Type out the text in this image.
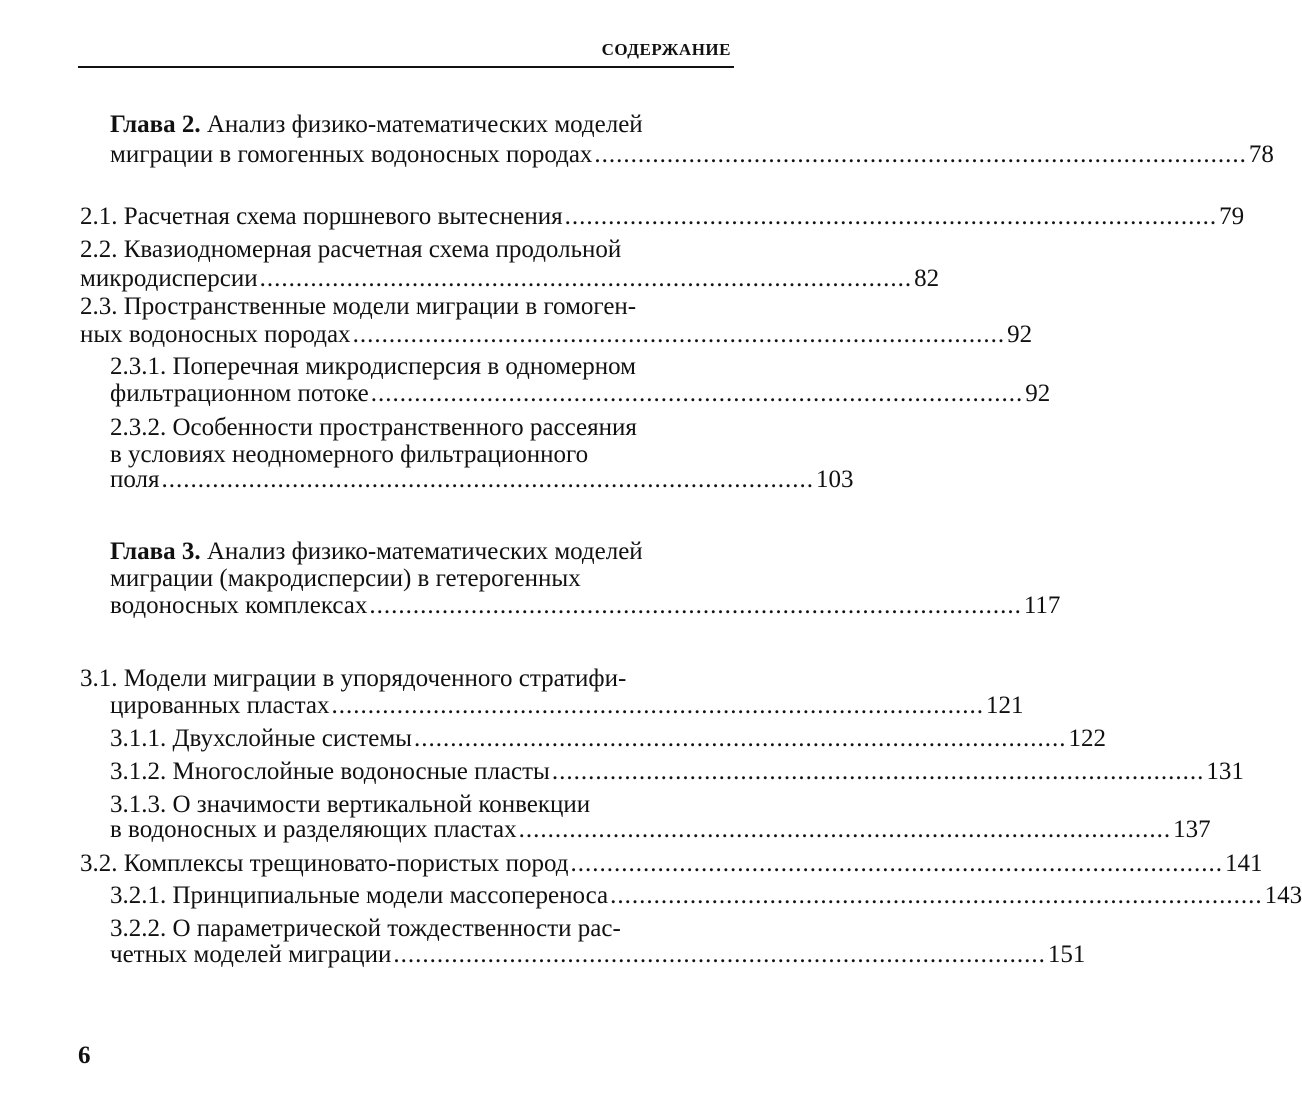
СОДЕРЖАНИЕ
Глава 2. Анализ физико-математических моделей
миграции в гомогенных водоносных породах .......................................................................................... 78
2.1. Расчетная схема поршневого вытеснения .......................................................................................... 79
2.2. Квазиодномерная расчетная схема продольной
микродисперсии .......................................................................................... 82
2.3. Пространственные модели миграции в гомоген-
ных водоносных породах .......................................................................................... 92
2.3.1. Поперечная микродисперсия в одномерном
фильтрационном потоке .......................................................................................... 92
2.3.2. Особенности пространственного рассеяния
в условиях неодномерного фильтрационного
поля .......................................................................................... 103
Глава 3. Анализ физико-математических моделей
миграции (макродисперсии) в гетерогенных
водоносных комплексах .......................................................................................... 117
3.1. Модели миграции в упорядоченного стратифи-
цированных пластах .......................................................................................... 121
3.1.1. Двухслойные системы .......................................................................................... 122
3.1.2. Многослойные водоносные пласты .......................................................................................... 131
3.1.3. О значимости вертикальной конвекции
в водоносных и разделяющих пластах .......................................................................................... 137
3.2. Комплексы трещиновато-пористых пород .......................................................................................... 141
3.2.1. Принципиальные модели массопереноса .......................................................................................... 143
3.2.2. О параметрической тождественности рас-
четных моделей миграции .......................................................................................... 151
6
